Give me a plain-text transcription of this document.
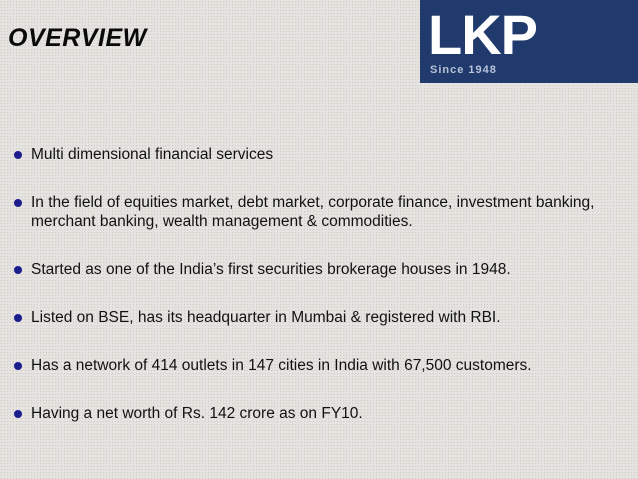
OVERVIEW	LKP
Since 1948
Multi dimensional financial services
In the field of equities market, debt market, corporate finance, investment banking, merchant banking, wealth management & commodities.
Started as one of the India’s first securities brokerage houses in 1948.
Listed on BSE, has its headquarter in Mumbai & registered with RBI.
Has a network of 414 outlets in 147 cities in India with 67,500 customers.
Having a net worth of Rs. 142 crore as on FY10.
